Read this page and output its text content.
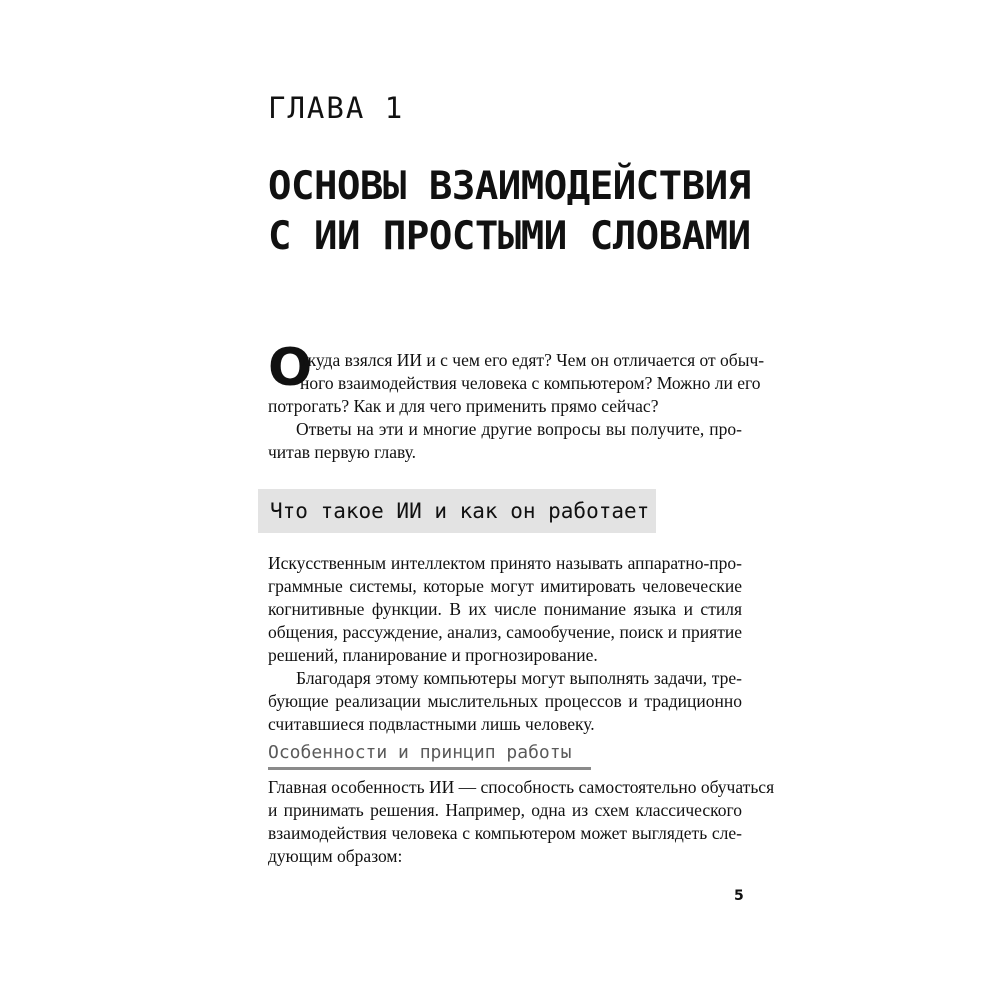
ГЛАВА 1
ОСНОВЫ ВЗАИМОДЕЙСТВИЯ
С ИИ ПРОСТЫМИ СЛОВАМИ
О

ткуда взялся ИИ и с чем его едят? Чем он отличается от обыч-
ного взаимодействия человека с компьютером? Можно ли его
потрогать? Как и для чего применить прямо сейчас?

Ответы на эти и многие другие вопросы вы получите, про-
читав первую главу.

Что такое ИИ и как он работает

Искусственным интеллектом принято называть аппаратно-про-
граммные системы, которые могут имитировать человеческие
когнитивные функции. В их числе понимание языка и стиля
общения, рассуждение, анализ, самообучение, поиск и приятие
решений, планирование и прогнозирование.

Благодаря этому компьютеры могут выполнять задачи, тре-
бующие реализации мыслительных процессов и традиционно
считавшиеся подвластными лишь человеку.

Особенности и принцип работы

Главная особенность ИИ — способность самостоятельно обучаться
и принимать решения. Например, одна из схем классического
взаимодействия человека с компьютером может выглядеть сле-
дующим образом:

5
